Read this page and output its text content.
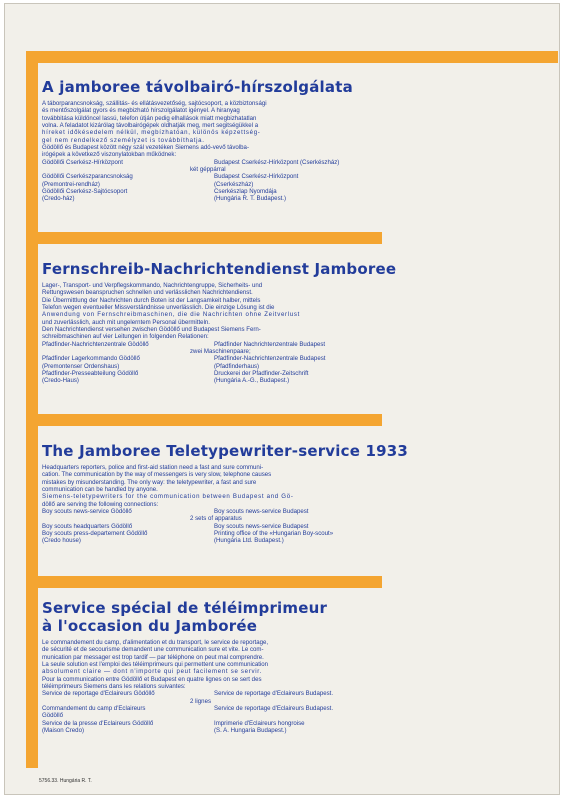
A jamboree távolbairó-hírszolgálata
A táborparancsnokság, szállitás- és ellátásvezetőség, sajtócsoport, a közbiztonsági
és mentőszolgálat gyors és megbizható hírszolgálatot igényel. A hiranyag
továbbitása küldöncel lassú, telefon útján pedig elhallások miatt megbizhatatlan
volna. A feladatot kizárólag távolbairógépek oldhatják meg, mert segitségükkel a
híreket időkésedelem nélkül, megbízhatóan, különös képzettség-
gel nem rendelkező személyzet is továbbíthatja.
Gödöllő és Budapest között négy szál vezetéken Siemens adó-vevő távolba-
irógépek a következő viszonylatokban működnek:
Gödöllői Cserkész-Hírközpont	Budapest Cserkész-Hírközpont (Cserkészház)
két géppárral
Gödöllői Cserkészparancsnokság	Budapest Cserkész-Hírközpont
(Premontrei-rendház)	(Cserkészház)
Gödöllői Cserkész-Sajtócsoport	Cserkészlap Nyomdája
(Credo-ház)	(Hungária R. T. Budapest.)
Fernschreib-Nachrichtendienst Jamboree
Lager-, Transport- und Verpflegskommando, Nachrichtengruppe, Sicherheits- und
Rettungswesen beanspruchen schnellen und verlässlichen Nachrichtendienst.
Die Übermittlung der Nachrichten durch Boten ist der Langsamkeit halber, mittels
Telefon wegen eventueller Missverständnisse unverlässlich. Die einzige Lösung ist die
Anwendung von Fernschreibmaschinen, die die Nachrichten ohne Zeitverlust
und zuverlässlich, auch mit ungelerntem Personal übermitteln.
Den Nachrichtendienst versehen zwischen Gödöllő und Budapest Siemens Fern-
schreibmaschinen auf vier Leitungen in folgenden Relationen:
Pfadfinder-Nachrichtenzentrale Gödöllő	Pfadfinder Nachrichtenzentrale Budapest
zwei Maschinenpaare;
Pfadfinder Lagerkommando Gödöllő	Pfadfinder-Nachrichtenzentrale Budapest
(Premontenser Ordenshaus)	(Pfadfinderhaus)
Pfadfinder-Presseabteilung Gödöllő	Druckerei der Pfadfinder-Zeitschrift
(Credo-Haus)	(Hungária A.-G., Budapest.)
The Jamboree Teletypewriter-service 1933
Headquarters reporters, police and first-aid station need a fast and sure communi-
cation. The communication by the way of messengers is very slow, telephone causes
mistakes by misunderstanding. The only way: the teletypewriter, a fast and sure
communication can be handled by anyone.
Siemens-teletypewriters for the communication between Budapest and Gö-
döllő are serving the following connections:
Boy scouts news-service Gödöllő	Boy scouts news-service Budapest
2 sets of apparatus
Boy scouts headquarters Gödöllő	Boy scouts news-service Budapest
Boy scouts press-departement Gödöllő	Printing office of the «Hungarian Boy-scout»
(Credo house)	(Hungária Ltd. Budapest.)
Service spécial de téléimprimeur
à l'occasion du Jamborée
Le commandement du camp, d'alimentation et du transport, le service de reportage,
de sécurité et de secourisme demandent une communication sure et vite. Le com-
munication par messager est trop tardif — par téléphone on peut mal comprendre.
La seule solution est l'emploi des téléimprimeurs qui permettent une communication
absolument claire — dont n'importe qui peut facilement se servir.
Pour la communication entre Gödöllő et Budapest en quatre lignes on se sert des
téléimprimeurs Siemens dans les relations suivantes:
Service de reportage d'Eclaireurs Gödöllő	Service de reportage d'Eclaireurs Budapest.
2 lignes
Commandement du camp d'Eclaireurs	Service de reportage d'Eclaireurs Budapest.
Gödöllő
Service de la presse d'Eclaireurs Gödöllő	Imprimerie d'Eclaireurs hongroise
(Maison Credo)	(S. A. Hungaria Budapest.)
5756.33. Hungária R. T.
